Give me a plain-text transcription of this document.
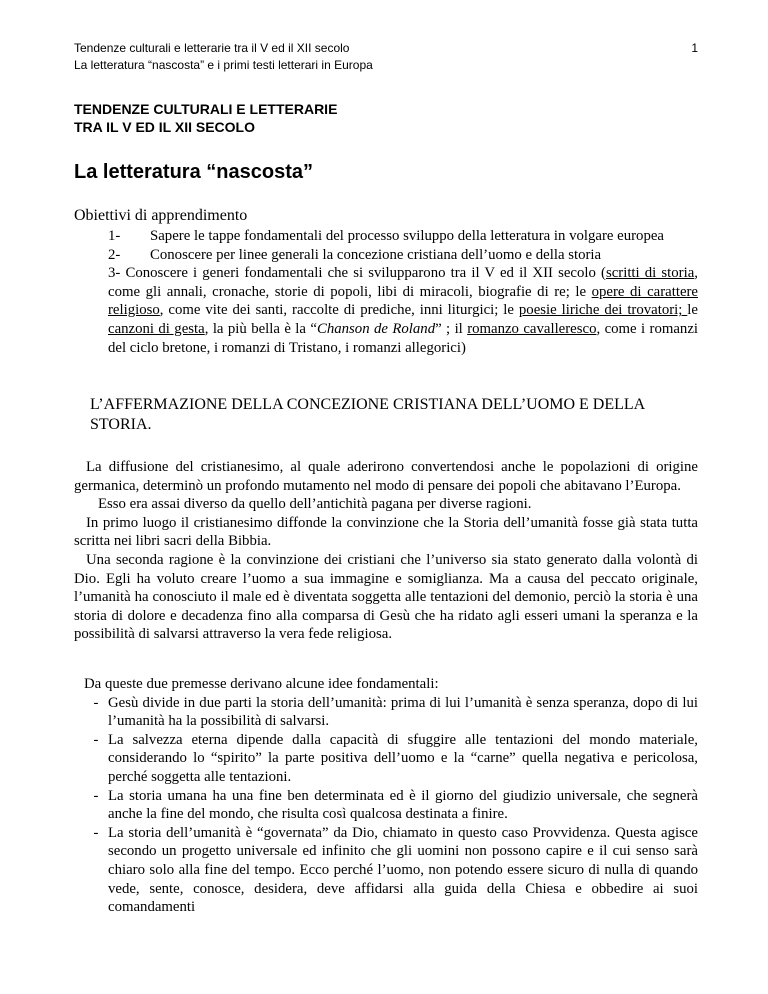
Tendenze culturali e letterarie tra il V ed il XII secolo
La letteratura “nascosta” e i primi testi letterari in Europa
1
TENDENZE CULTURALI E LETTERARIE
TRA IL V ED IL XII SECOLO
La letteratura “nascosta”
Obiettivi di apprendimento
1-	Sapere le tappe fondamentali del processo sviluppo della letteratura in volgare europea
2-	Conoscere per linee generali la concezione cristiana dell’uomo e della storia
3- Conoscere i generi fondamentali che si svilupparono tra il V ed il XII secolo (scritti di storia, come gli annali, cronache, storie di popoli, libi di miracoli, biografie di re; le opere di carattere religioso, come vite dei santi, raccolte di prediche, inni liturgici; le poesie liriche dei trovatori; le canzoni di gesta, la più bella è la “Chanson de Roland” ; il romanzo cavalleresco, come i romanzi del ciclo bretone, i romanzi di Tristano, i romanzi allegorici)
L’AFFERMAZIONE DELLA CONCEZIONE CRISTIANA DELL’UOMO E DELLA STORIA.

La diffusione del cristianesimo, al quale aderirono convertendosi anche le popolazioni di origine germanica, determinò un profondo mutamento nel modo di pensare dei popoli che abitavano l’Europa.

Esso era assai diverso da quello dell’antichità pagana per diverse ragioni.

In primo luogo il cristianesimo diffonde la convinzione che la Storia dell’umanità fosse già stata tutta scritta nei libri sacri della Bibbia.

Una seconda ragione è la convinzione dei cristiani che l’universo sia stato generato dalla volontà di Dio. Egli ha voluto creare l’uomo a sua immagine e somiglianza. Ma a causa del peccato originale, l’umanità ha conosciuto il male ed è diventata soggetta alle tentazioni del demonio, perciò la storia è una storia di dolore e decadenza fino alla comparsa di Gesù che ha ridato agli esseri umani la speranza e la possibilità di salvarsi attraverso la vera fede religiosa.

Da queste due premesse derivano alcune idee fondamentali:
- Gesù divide in due parti la storia dell’umanità: prima di lui l’umanità è senza speranza, dopo di lui l’umanità ha la possibilità di salvarsi.
- La salvezza eterna dipende dalla capacità di sfuggire alle tentazioni del mondo materiale, considerando lo “spirito” la parte positiva dell’uomo e la “carne” quella negativa e pericolosa, perché soggetta alle tentazioni.
- La storia umana ha una fine ben determinata ed è il giorno del giudizio universale, che segnerà anche la fine del mondo, che risulta così qualcosa destinata a finire.
- La storia dell’umanità è “governata” da Dio, chiamato in questo caso Provvidenza. Questa agisce secondo un progetto universale ed infinito che gli uomini non possono capire e il cui senso sarà chiaro solo alla fine del tempo. Ecco perché l’uomo, non potendo essere sicuro di nulla di quando vede, sente, conosce, desidera, deve affidarsi alla guida della Chiesa e obbedire ai suoi comandamenti
